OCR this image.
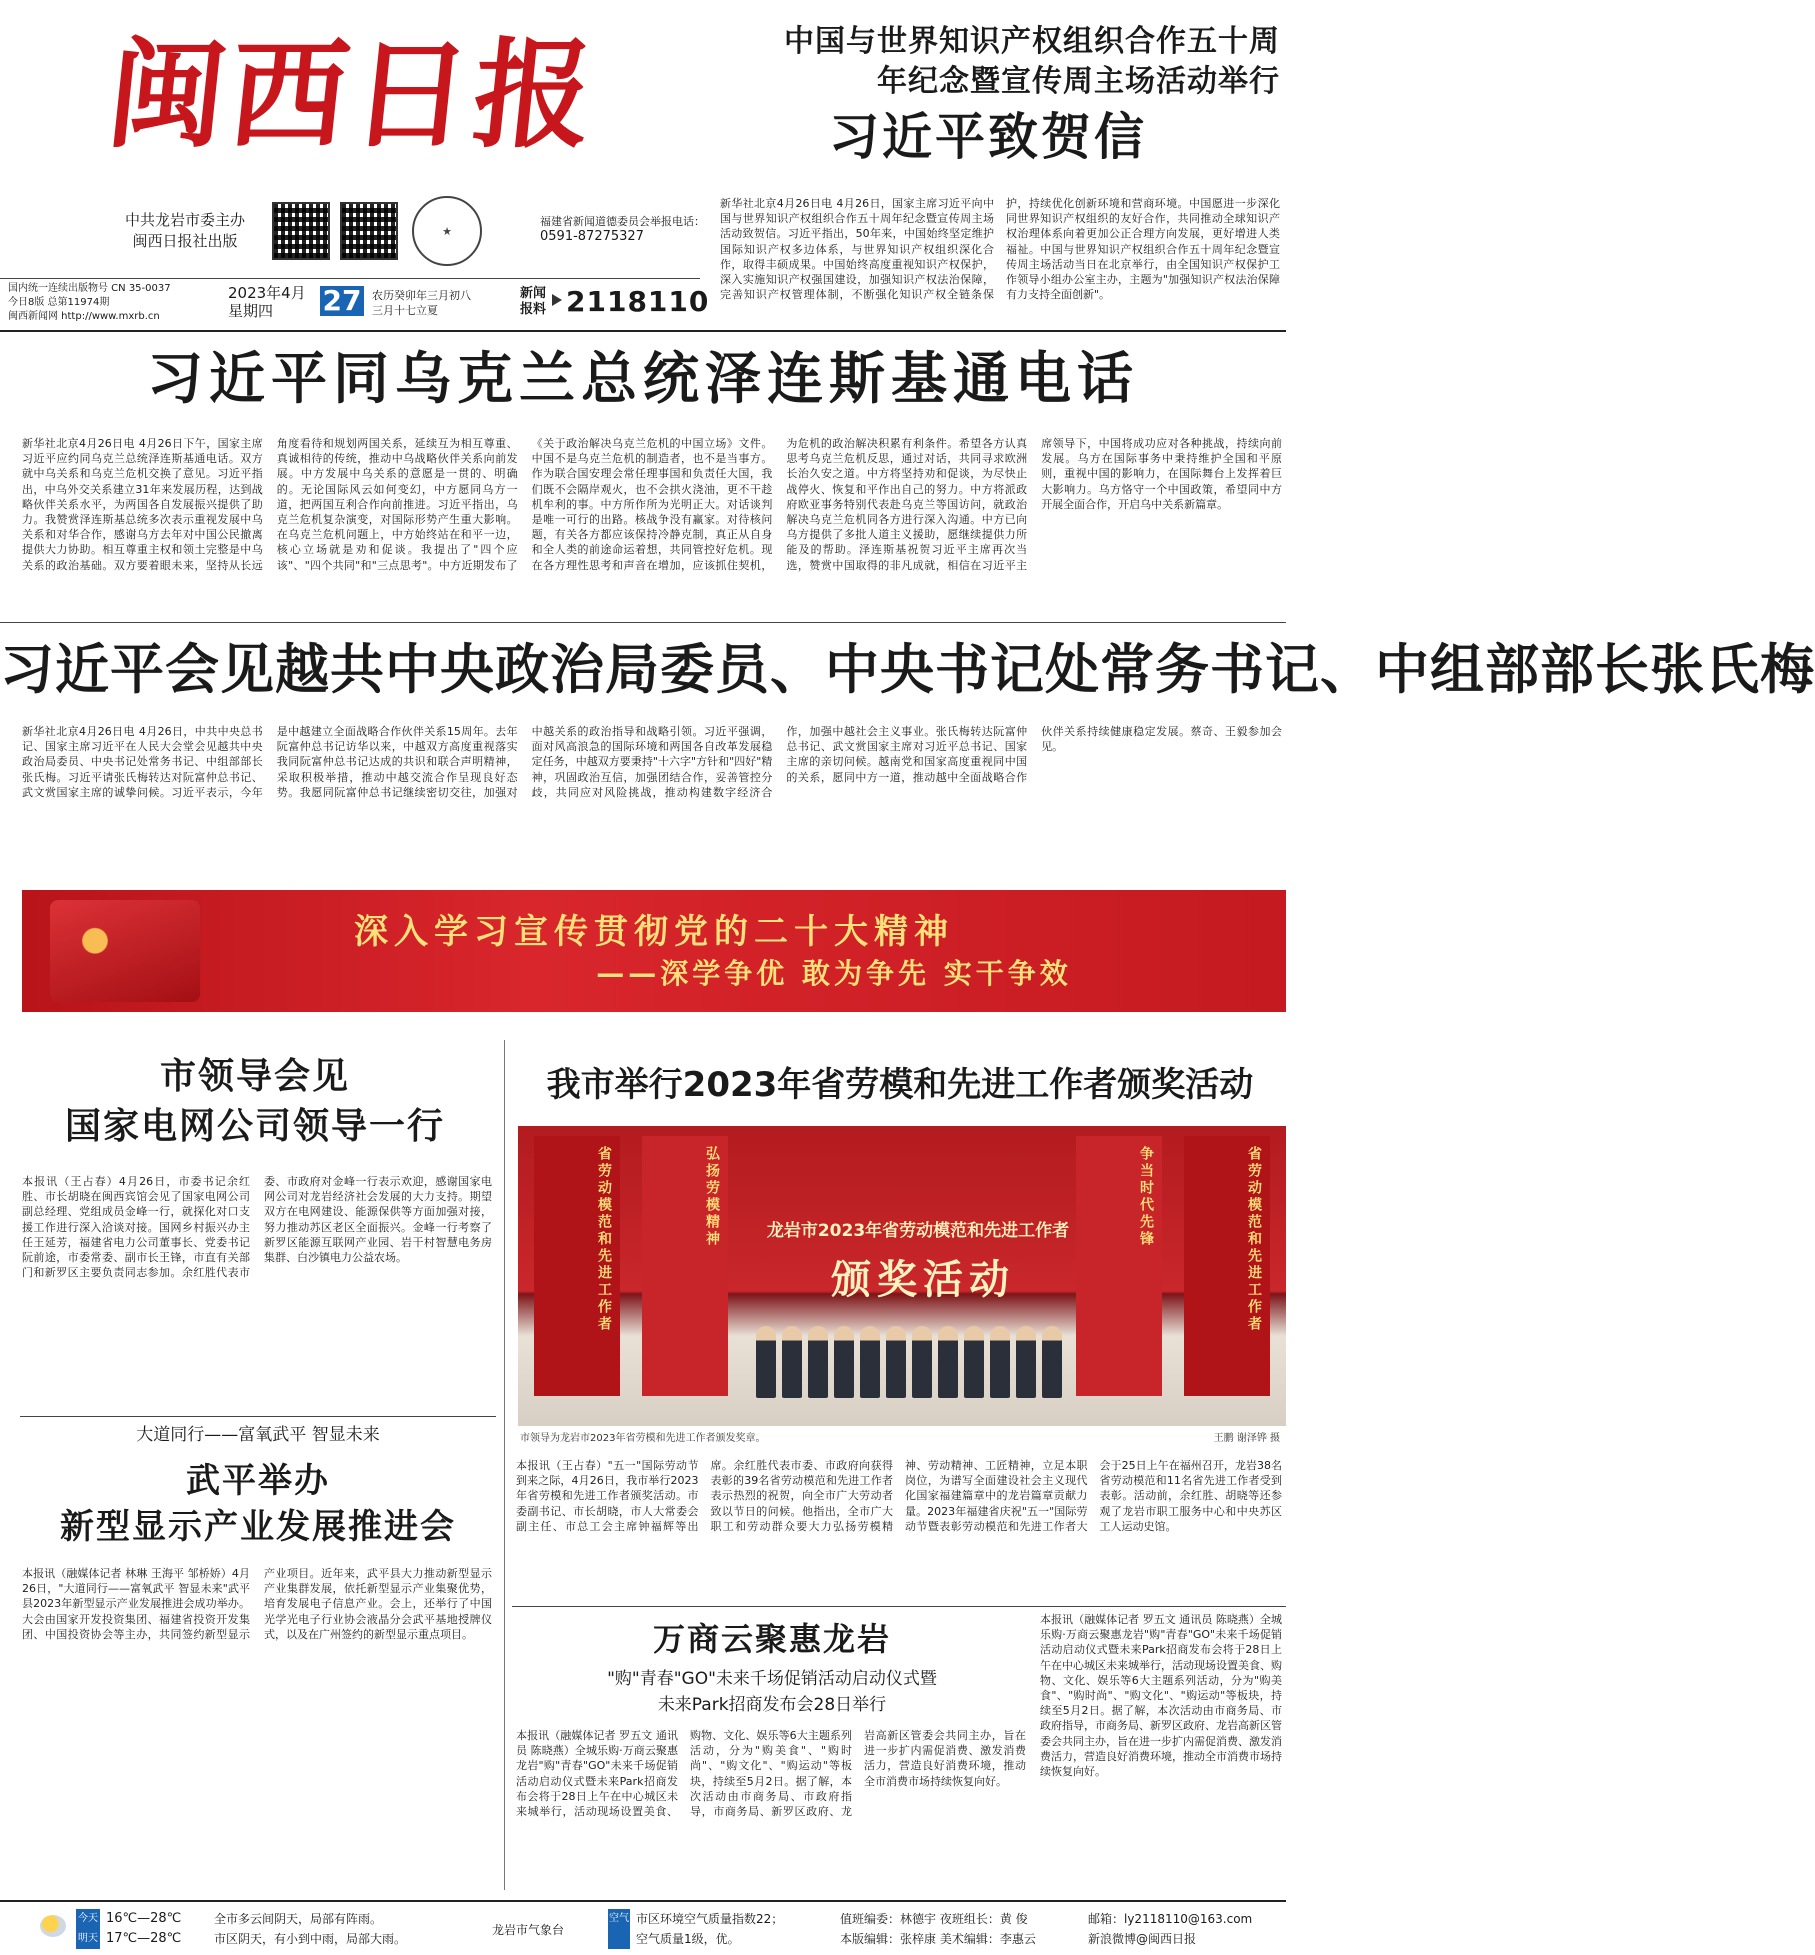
闽西日报	中国与世界知识产权组织合作五十周年纪念暨宣传周主场活动举行
习近平致贺信
中共龙岩市委主办
闽西日报社出版
★
福建省新闻道德委员会举报电话：
0591-87275327
新华社北京4月26日电 4月26日，国家主席习近平向中国与世界知识产权组织合作五十周年纪念暨宣传周主场活动致贺信。习近平指出，50年来，中国始终坚定维护国际知识产权多边体系，与世界知识产权组织深化合作，取得丰硕成果。中国始终高度重视知识产权保护，深入实施知识产权强国建设，加强知识产权法治保障，完善知识产权管理体制，不断强化知识产权全链条保护，持续优化创新环境和营商环境。中国愿进一步深化同世界知识产权组织的友好合作，共同推动全球知识产权治理体系向着更加公正合理方向发展，更好增进人类福祉。中国与世界知识产权组织合作五十周年纪念暨宣传周主场活动当日在北京举行，由全国知识产权保护工作领导小组办公室主办，主题为"加强知识产权法治保障 有力支持全面创新"。
国内统一连续出版物号 CN 35-0037
今日8版 总第11974期
闽西新闻网 http://www.mxrb.cn
2023年4月
星期四	27 农历癸卯年三月初八
三月十七立夏
新闻
报料 2118110
习近平同乌克兰总统泽连斯基通电话
新华社北京4月26日电 4月26日下午，国家主席习近平应约同乌克兰总统泽连斯基通电话。双方就中乌关系和乌克兰危机交换了意见。习近平指出，中乌外交关系建立31年来发展历程，达到战略伙伴关系水平，为两国各自发展振兴提供了助力。我赞赏泽连斯基总统多次表示重视发展中乌关系和对华合作，感谢乌方去年对中国公民撤离提供大力协助。相互尊重主权和领土完整是中乌关系的政治基础。双方要着眼未来，坚持从长远角度看待和规划两国关系，延续互为相互尊重、真诚相待的传统，推动中乌战略伙伴关系向前发展。中方发展中乌关系的意愿是一贯的、明确的。无论国际风云如何变幻，中方愿同乌方一道，把两国互利合作向前推进。习近平指出，乌克兰危机复杂演变，对国际形势产生重大影响。在乌克兰危机问题上，中方始终站在和平一边，核心立场就是劝和促谈。我提出了"四个应该"、"四个共同"和"三点思考"。中方近期发布了《关于政治解决乌克兰危机的中国立场》文件。中国不是乌克兰危机的制造者，也不是当事方。作为联合国安理会常任理事国和负责任大国，我们既不会隔岸观火，也不会拱火浇油，更不干趁机牟利的事。中方所作所为光明正大。对话谈判是唯一可行的出路。核战争没有赢家。对待核问题，有关各方都应该保持冷静克制，真正从自身和全人类的前途命运着想，共同管控好危机。现在各方理性思考和声音在增加，应该抓住契机，为危机的政治解决积累有利条件。希望各方认真思考乌克兰危机反思，通过对话，共同寻求欧洲长治久安之道。中方将坚持劝和促谈，为尽快止战停火、恢复和平作出自己的努力。中方将派政府欧亚事务特别代表赴乌克兰等国访问，就政治解决乌克兰危机同各方进行深入沟通。中方已向乌方提供了多批人道主义援助，愿继续提供力所能及的帮助。泽连斯基祝贺习近平主席再次当选，赞赏中国取得的非凡成就，相信在习近平主席领导下，中国将成功应对各种挑战，持续向前发展。乌方在国际事务中秉持维护全国和平原则，重视中国的影响力，在国际舞台上发挥着巨大影响力。乌方恪守一个中国政策，希望同中方开展全面合作，开启乌中关系新篇章。
习近平会见越共中央政治局委员、中央书记处常务书记、中组部部长张氏梅
新华社北京4月26日电 4月26日，中共中央总书记、国家主席习近平在人民大会堂会见越共中央政治局委员、中央书记处常务书记、中组部部长张氏梅。习近平请张氏梅转达对阮富仲总书记、武文赏国家主席的诚挚问候。习近平表示，今年是中越建立全面战略合作伙伴关系15周年。去年阮富仲总书记访华以来，中越双方高度重视落实我同阮富仲总书记达成的共识和联合声明精神，采取积极举措，推动中越交流合作呈现良好态势。我愿同阮富仲总书记继续密切交往，加强对中越关系的政治指导和战略引领。习近平强调，面对风高浪急的国际环境和两国各自改革发展稳定任务，中越双方要秉持"十六字"方针和"四好"精神，巩固政治互信，加强团结合作，妥善管控分歧，共同应对风险挑战，推动构建数字经济合作，加强中越社会主义事业。张氏梅转达阮富仲总书记、武文赏国家主席对习近平总书记、国家主席的亲切问候。越南党和国家高度重视同中国的关系，愿同中方一道，推动越中全面战略合作伙伴关系持续健康稳定发展。蔡奇、王毅参加会见。
深入学习宣传贯彻党的二十大精神
——深学争优 敢为争先 实干争效
市领导会见
国家电网公司领导一行
本报讯（王占春）4月26日，市委书记余红胜、市长胡晓在闽西宾馆会见了国家电网公司副总经理、党组成员金峰一行，就探化对口支援工作进行深入洽谈对接。国网乡村振兴办主任王延芳，福建省电力公司董事长、党委书记阮前途，市委常委、副市长王锋，市直有关部门和新罗区主要负责同志参加。余红胜代表市委、市政府对金峰一行表示欢迎，感谢国家电网公司对龙岩经济社会发展的大力支持。期望双方在电网建设、能源保供等方面加强对接，努力推动苏区老区全面振兴。金峰一行考察了新罗区能源互联网产业园、岩干村智慧电务房集群、白沙镇电力公益农场。
大道同行——富氧武平 智显未来
武平举办
新型显示产业发展推进会
本报讯（融媒体记者 林琳 王海平 邹桥娇）4月26日，"大道同行——富氧武平 智显未来"武平县2023年新型显示产业发展推进会成功举办。大会由国家开发投资集团、福建省投资开发集团、中国投资协会等主办，共同签约新型显示产业项目。近年来，武平县大力推动新型显示产业集群发展，依托新型显示产业集聚优势，培育发展电子信息产业。会上，还举行了中国光学光电子行业协会液晶分会武平基地授牌仪式，以及在广州签约的新型显示重点项目。
我市举行2023年省劳模和先进工作者颁奖活动
省劳动模范和先进工作者	弘扬劳模精神	争当时代先锋	省劳动模范和先进工作者
龙岩市2023年省劳动模范和先进工作者
颁奖活动
市领导为龙岩市2023年省劳模和先进工作者颁发奖章。	王鹏 谢泽铧 摄
本报讯（王占春）"五一"国际劳动节到来之际，4月26日，我市举行2023年省劳模和先进工作者颁奖活动。市委副书记、市长胡晓，市人大常委会副主任、市总工会主席钟福辉等出席。余红胜代表市委、市政府向获得表彰的39名省劳动模范和先进工作者表示热烈的祝贺，向全市广大劳动者致以节日的问候。他指出，全市广大职工和劳动群众要大力弘扬劳模精神、劳动精神、工匠精神，立足本职岗位，为谱写全面建设社会主义现代化国家福建篇章中的龙岩篇章贡献力量。2023年福建省庆祝"五一"国际劳动节暨表彰劳动模范和先进工作者大会于25日上午在福州召开，龙岩38名省劳动模范和11名省先进工作者受到表彰。活动前，余红胜、胡晓等还参观了龙岩市职工服务中心和中央苏区工人运动史馆。
万商云聚惠龙岩
"购"青春"GO"未来千场促销活动启动仪式暨
未来Park招商发布会28日举行
本报讯（融媒体记者 罗五文 通讯员 陈晓燕）全城乐购·万商云聚惠龙岩"购"青春"GO"未来千场促销活动启动仪式暨未来Park招商发布会将于28日上午在中心城区未来城举行，活动现场设置美食、购物、文化、娱乐等6大主题系列活动，分为"购美食"、"购时尚"、"购文化"、"购运动"等板块，持续至5月2日。据了解，本次活动由市商务局、市政府指导，市商务局、新罗区政府、龙岩高新区管委会共同主办，旨在进一步扩内需促消费、激发消费活力，营造良好消费环境，推动全市消费市场持续恢复向好。
本报讯（融媒体记者 罗五文 通讯员 陈晓燕）全城乐购·万商云聚惠龙岩"购"青春"GO"未来千场促销活动启动仪式暨未来Park招商发布会将于28日上午在中心城区未来城举行，活动现场设置美食、购物、文化、娱乐等6大主题系列活动，分为"购美食"、"购时尚"、"购文化"、"购运动"等板块，持续至5月2日。据了解，本次活动由市商务局、市政府指导，市商务局、新罗区政府、龙岩高新区管委会共同主办，旨在进一步扩内需促消费、激发消费活力，营造良好消费环境，推动全市消费市场持续恢复向好。
今天
明天
16℃—28℃
17℃—28℃
全市多云间阴天，局部有阵雨。
市区阴天，有小到中雨，局部大雨。
龙岩市气象台
空气 市区环境空气质量指数22；
空气质量1级，优。
值班编委：林德宇 夜班组长：黄 俊
本版编辑：张梓康 美术编辑：李惠云
邮箱：ly2118110@163.com
新浪微博@闽西日报
